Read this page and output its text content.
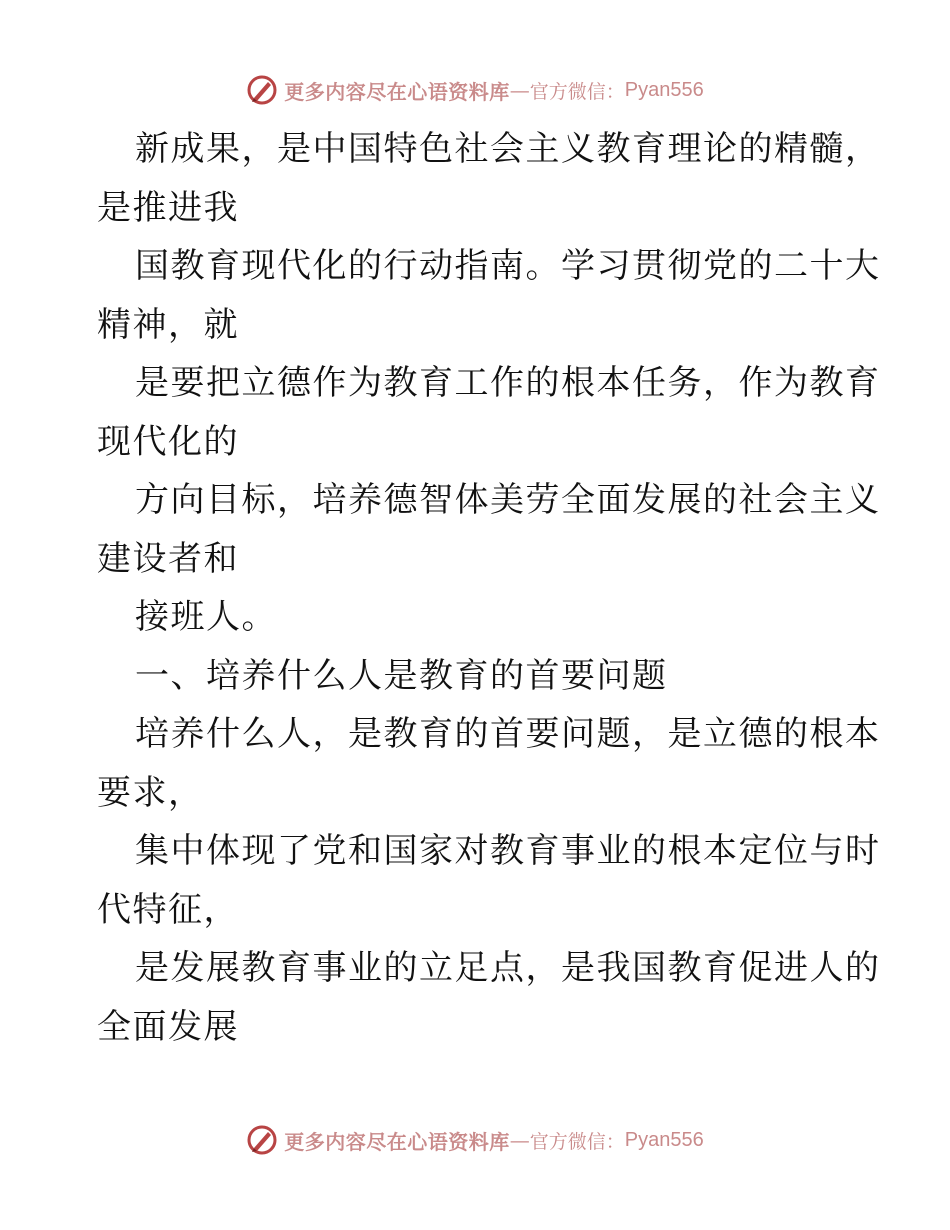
更多内容尽在心语资料库 — 官方微信： Pyan556
新成果，是中国特色社会主义教育理论的精髓，
是推进我
国教育现代化的行动指南。学习贯彻党的二十大
精神，就
是要把立德作为教育工作的根本任务，作为教育
现代化的
方向目标，培养德智体美劳全面发展的社会主义
建设者和
接班人。
一、培养什么人是教育的首要问题
培养什么人，是教育的首要问题，是立德的根本
要求，
集中体现了党和国家对教育事业的根本定位与时
代特征，
是发展教育事业的立足点，是我国教育促进人的
全面发展
更多内容尽在心语资料库 — 官方微信： Pyan556
